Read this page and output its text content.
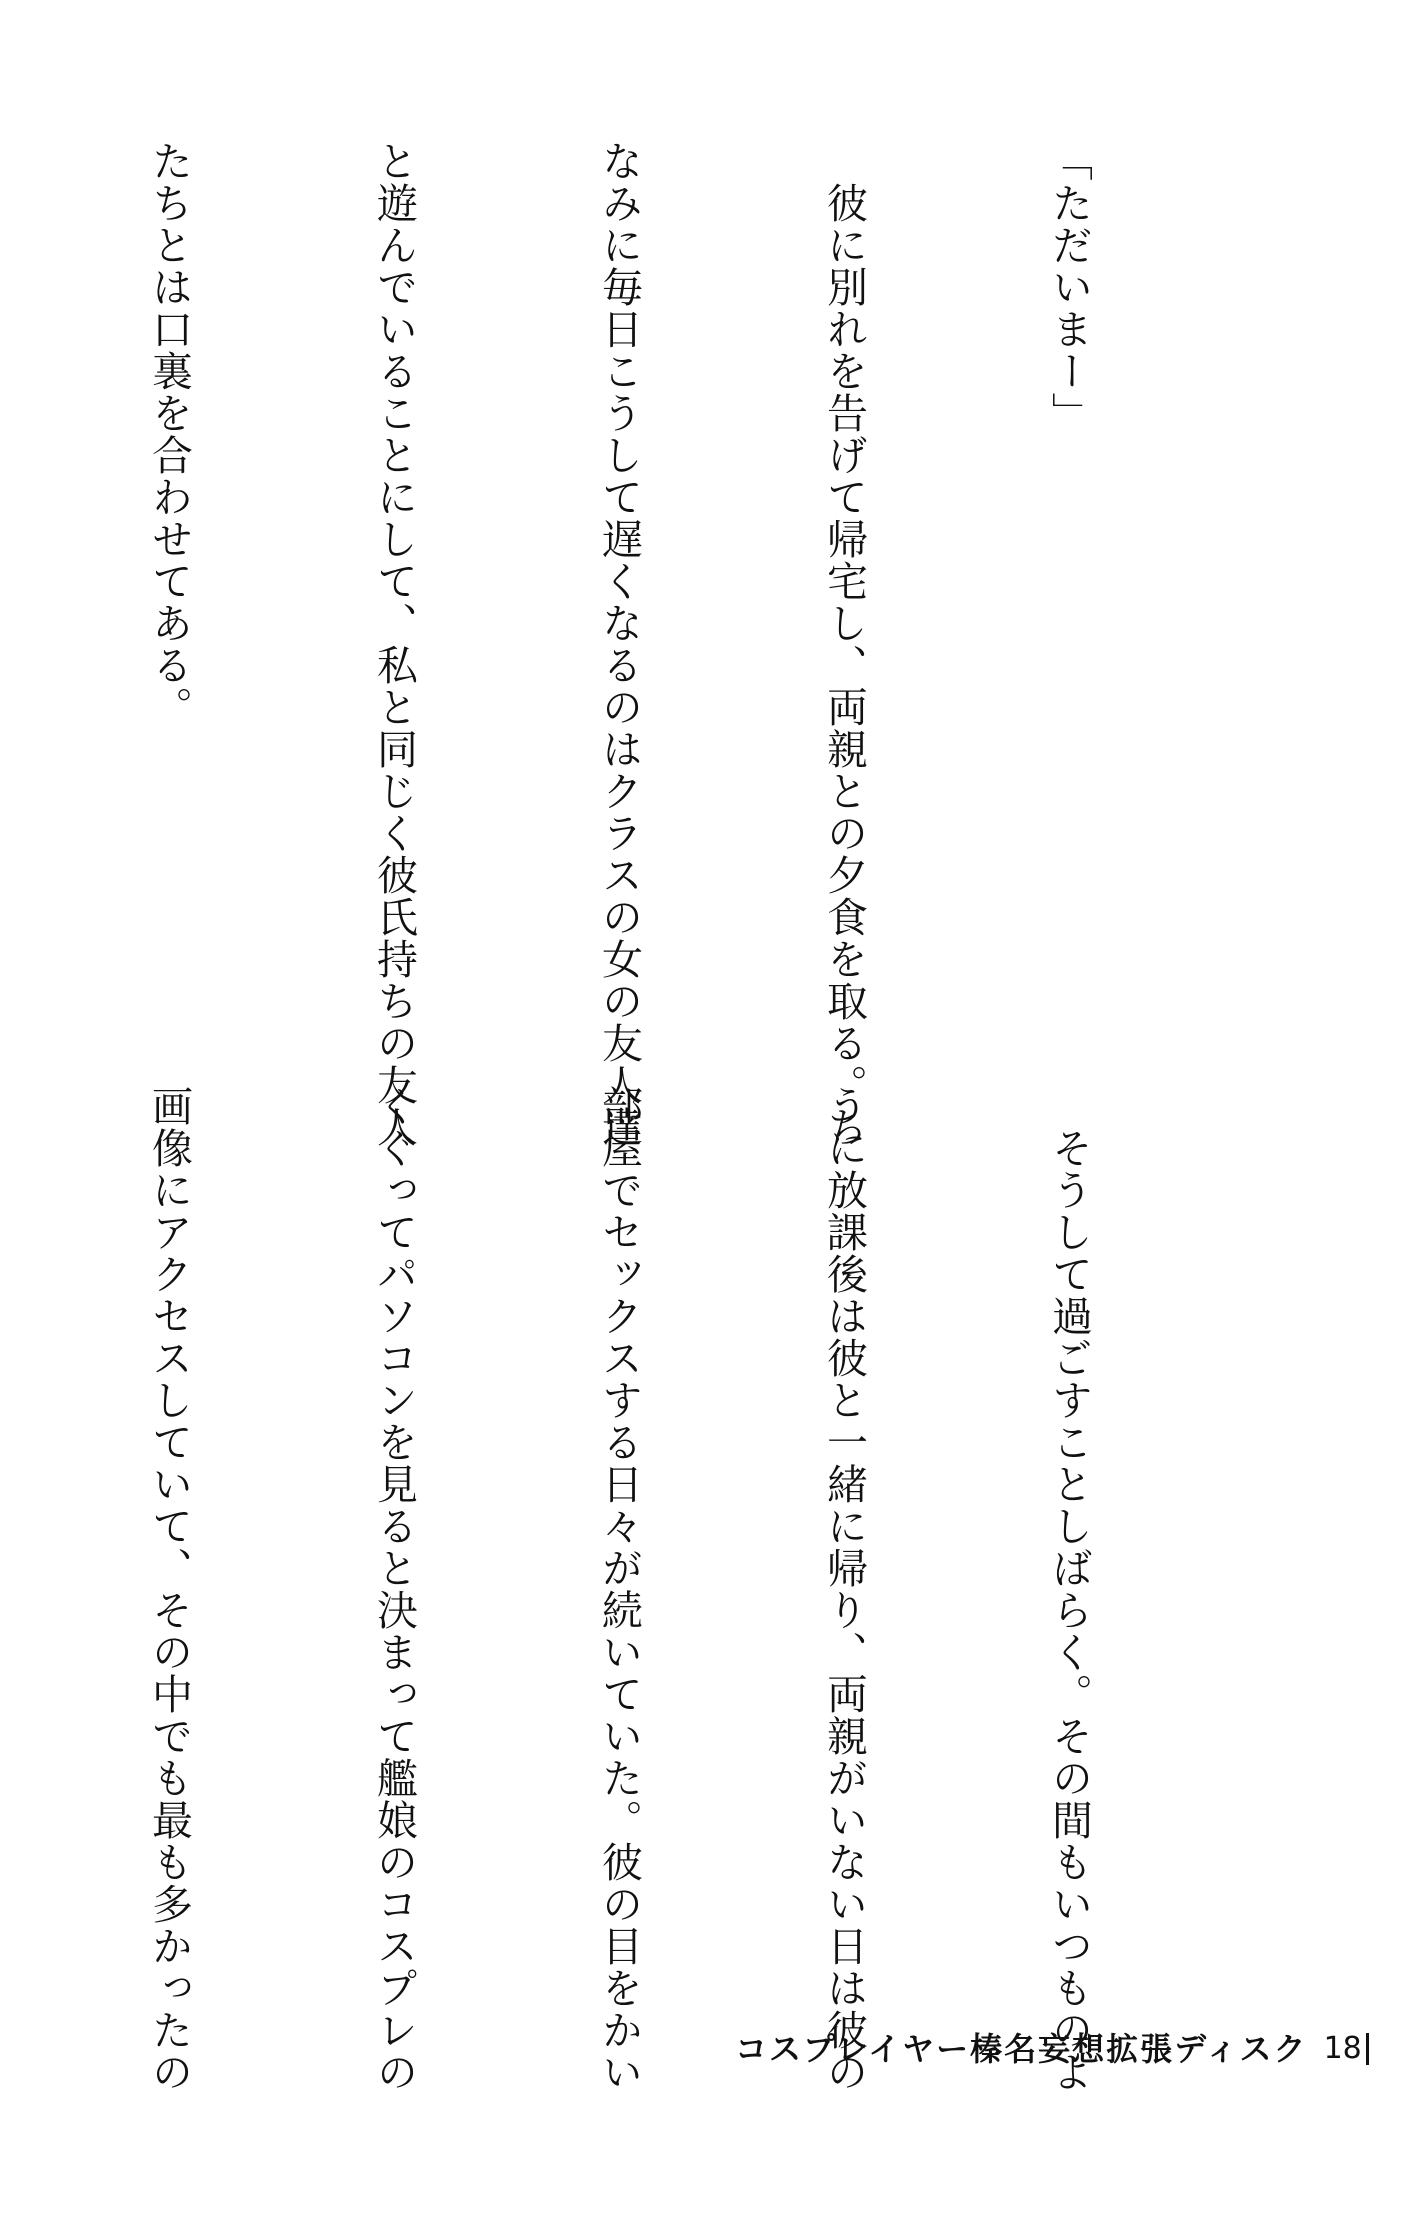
「ただいまー」

　彼に別れを告げて帰宅し、両親との夕食を取る。ち

なみに毎日こうして遅くなるのはクラスの女の友人達

と遊んでいることにして、私と同じく彼氏持ちの友人

たちとは口裏を合わせてある。

　そうして過ごすことしばらく。その間もいつものよ

うに放課後は彼と一緒に帰り、両親がいない日は彼の

部屋でセックスする日々が続いていた。彼の目をかい

くぐってパソコンを見ると決まって艦娘のコスプレの

画像にアクセスしていて、その中でも最も多かったの

	コスプレイヤー榛名妄想拡張ディスク 18
